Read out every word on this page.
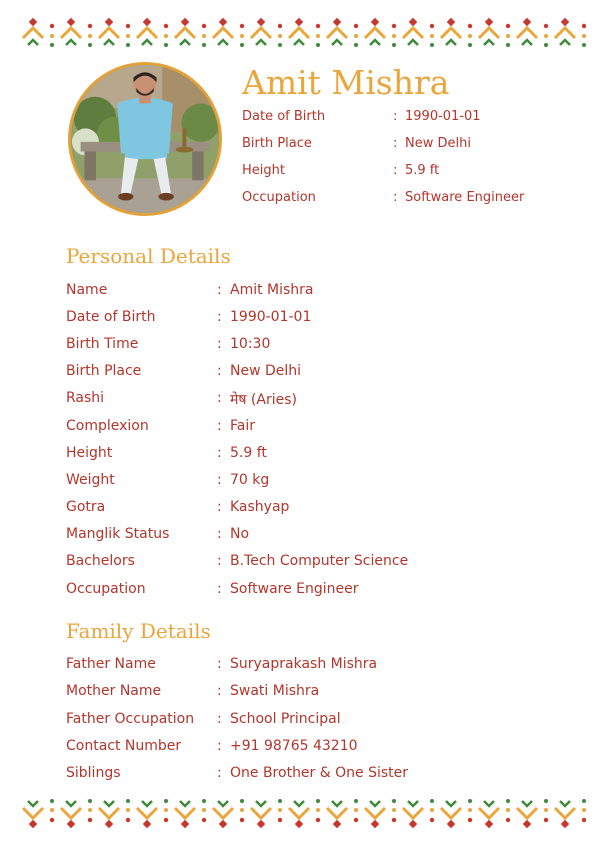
Amit Mishra
Date of Birth	: 1990-01-01
Birth Place	: New Delhi
Height	: 5.9 ft
Occupation	: Software Engineer
Personal Details
Name	: Amit Mishra
Date of Birth	: 1990-01-01
Birth Time	: 10:30
Birth Place	: New Delhi
Rashi	: मेष (Aries)
Complexion	: Fair
Height	: 5.9 ft
Weight	: 70 kg
Gotra	: Kashyap
Manglik Status	: No
Bachelors	: B.Tech Computer Science
Occupation	: Software Engineer
Family Details
Father Name	: Suryaprakash Mishra
Mother Name	: Swati Mishra
Father Occupation : School Principal
Contact Number	: +91 98765 43210
Siblings	: One Brother & One Sister
